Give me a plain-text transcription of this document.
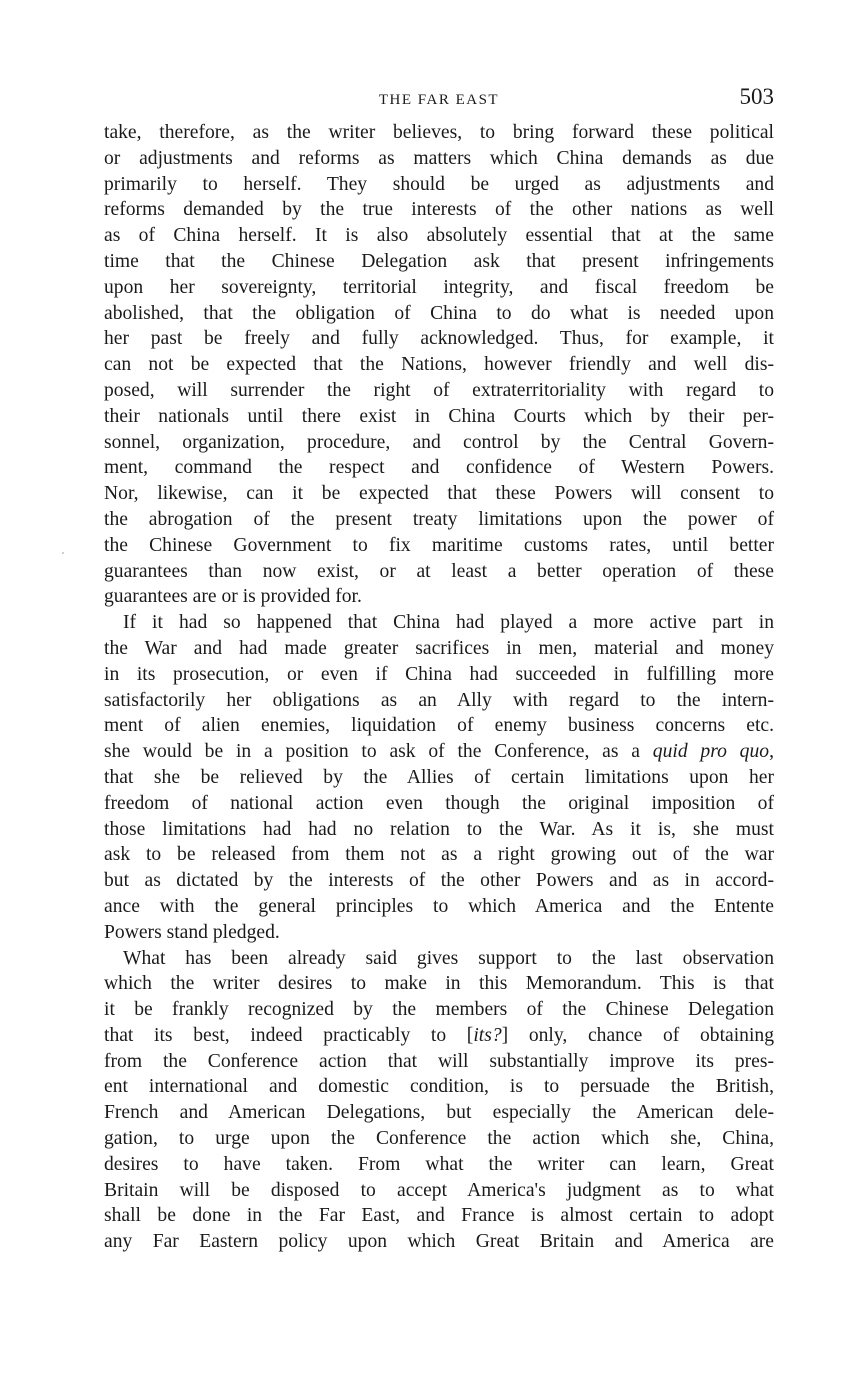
THE FAR EAST	503
take, therefore, as the writer believes, to bring forward these political
or adjustments and reforms as matters which China demands as due
primarily to herself. They should be urged as adjustments and
reforms demanded by the true interests of the other nations as well
as of China herself. It is also absolutely essential that at the same
time that the Chinese Delegation ask that present infringements
upon her sovereignty, territorial integrity, and fiscal freedom be
abolished, that the obligation of China to do what is needed upon
her past be freely and fully acknowledged. Thus, for example, it
can not be expected that the Nations, however friendly and well dis-
posed, will surrender the right of extraterritoriality with regard to
their nationals until there exist in China Courts which by their per-
sonnel, organization, procedure, and control by the Central Govern-
ment, command the respect and confidence of Western Powers.
Nor, likewise, can it be expected that these Powers will consent to
the abrogation of the present treaty limitations upon the power of
the Chinese Government to fix maritime customs rates, until better
guarantees than now exist, or at least a better operation of these
guarantees are or is provided for.
If it had so happened that China had played a more active part in
the War and had made greater sacrifices in men, material and money
in its prosecution, or even if China had succeeded in fulfilling more
satisfactorily her obligations as an Ally with regard to the intern-
ment of alien enemies, liquidation of enemy business concerns etc.
she would be in a position to ask of the Conference, as a quid pro quo,
that she be relieved by the Allies of certain limitations upon her
freedom of national action even though the original imposition of
those limitations had had no relation to the War. As it is, she must
ask to be released from them not as a right growing out of the war
but as dictated by the interests of the other Powers and as in accord-
ance with the general principles to which America and the Entente
Powers stand pledged.
What has been already said gives support to the last observation
which the writer desires to make in this Memorandum. This is that
it be frankly recognized by the members of the Chinese Delegation
that its best, indeed practicably to [its?] only, chance of obtaining
from the Conference action that will substantially improve its pres-
ent international and domestic condition, is to persuade the British,
French and American Delegations, but especially the American dele-
gation, to urge upon the Conference the action which she, China,
desires to have taken. From what the writer can learn, Great
Britain will be disposed to accept America's judgment as to what
shall be done in the Far East, and France is almost certain to adopt
any Far Eastern policy upon which Great Britain and America are
